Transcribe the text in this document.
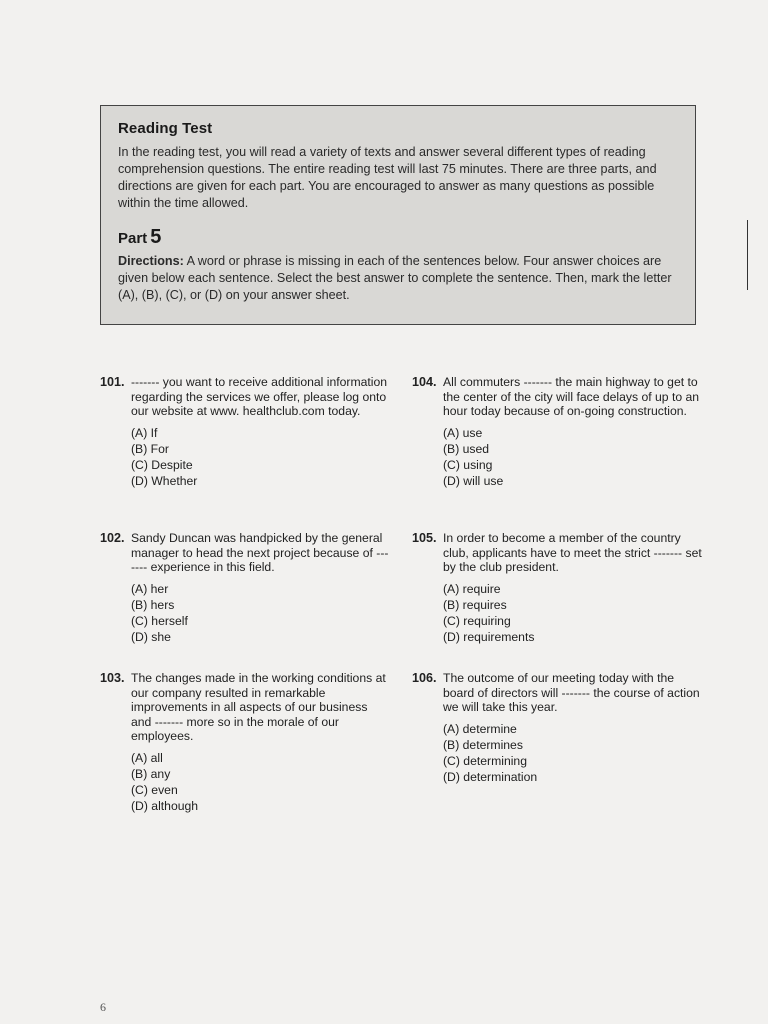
Reading Test

In the reading test, you will read a variety of texts and answer several different types of reading comprehension questions. The entire reading test will last 75 minutes. There are three parts, and directions are given for each part. You are encouraged to answer as many questions as possible within the time allowed.

Part 5

Directions: A word or phrase is missing in each of the sentences below. Four answer choices are given below each sentence. Select the best answer to complete the sentence. Then, mark the letter (A), (B), (C), or (D) on your answer sheet.

101. ------- you want to receive additional information regarding the services we offer, please log onto our website at www. healthclub.com today.

(A) If
(B) For
(C) Despite
(D) Whether
102. Sandy Duncan was handpicked by the general manager to head the next project because of ------- experience in this field.

(A) her
(B) hers
(C) herself
(D) she
103. The changes made in the working conditions at our company resulted in remarkable improvements in all aspects of our business and ------- more so in the morale of our employees.

(A) all
(B) any
(C) even
(D) although
104. All commuters ------- the main highway to get to the center of the city will face delays of up to an hour today because of on-going construction.

(A) use
(B) used
(C) using
(D) will use
105. In order to become a member of the country club, applicants have to meet the strict ------- set by the club president.

(A) require
(B) requires
(C) requiring
(D) requirements
106. The outcome of our meeting today with the board of directors will ------- the course of action we will take this year.

(A) determine
(B) determines
(C) determining
(D) determination
6
